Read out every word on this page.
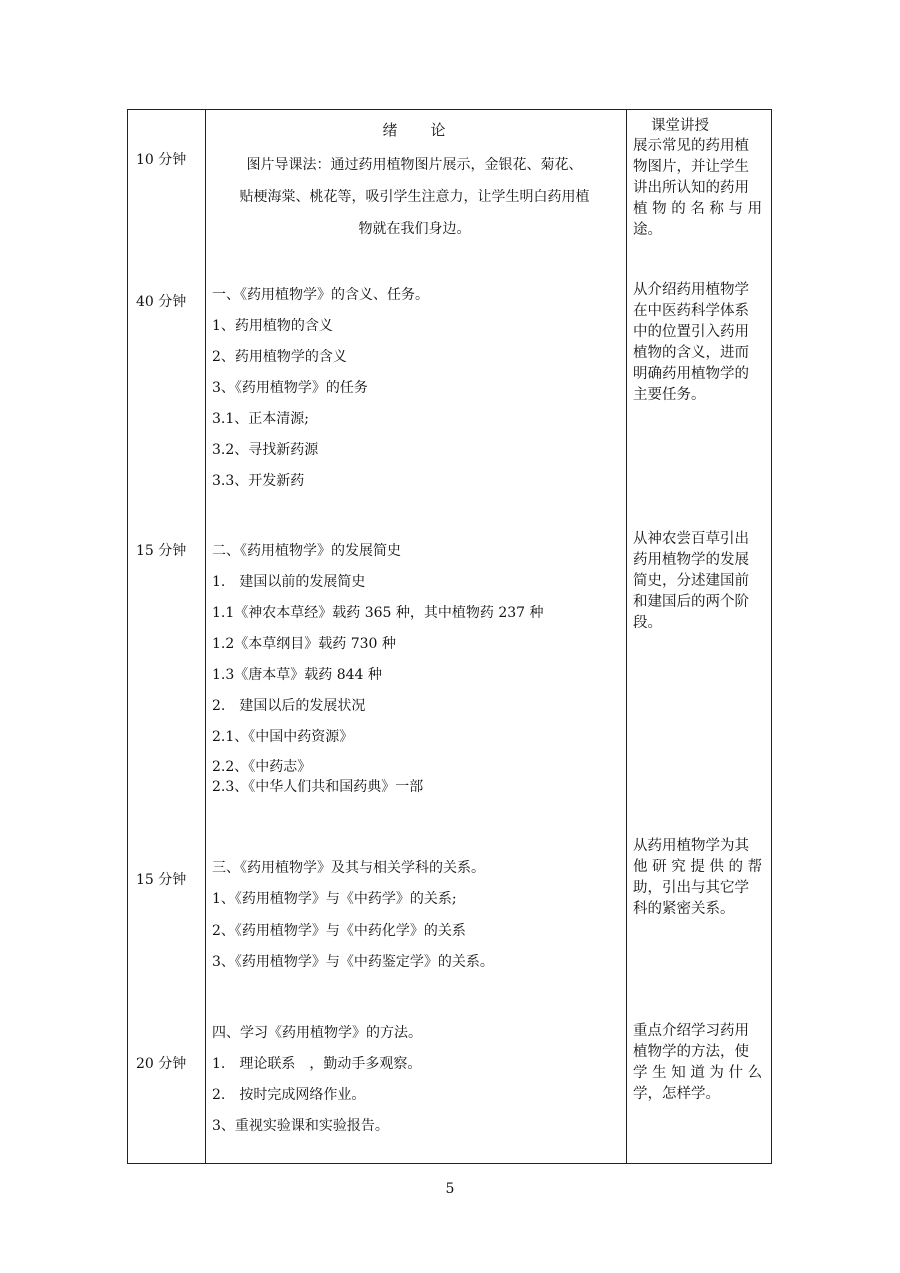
10 分钟
绪　　论
图片导课法：通过药用植物图片展示，金银花、菊花、
贴梗海棠、桃花等，吸引学生注意力，让学生明白药用植
物就在我们身边。
课堂讲授
展示常见的药用植
物图片，并让学生
讲出所认知的药用
植 物 的 名 称 与 用
途。
40 分钟	一、《药用植物学》的含义、任务。
1、药用植物的含义
2、药用植物学的含义
3、《药用植物学》的任务
3.1、正本清源;
3.2、寻找新药源
3.3、开发新药
从介绍药用植物学
在中医药科学体系
中的位置引入药用
植物的含义，进而
明确药用植物学的
主要任务。
15 分钟	二、《药用植物学》的发展简史
1.　建国以前的发展简史
1.1《神农本草经》载药 365 种，其中植物药 237 种
1.2《本草纲目》载药 730 种
1.3《唐本草》载药 844 种
2.　建国以后的发展状况
2.1、《中国中药资源》
2.2、《中药志》
2.3、《中华人们共和国药典》一部
从神农尝百草引出
药用植物学的发展
简史，分述建国前
和建国后的两个阶
段。
15 分钟
三、《药用植物学》及其与相关学科的关系。
1、《药用植物学》与《中药学》的关系;
2、《药用植物学》与《中药化学》的关系
3、《药用植物学》与《中药鉴定学》的关系。
从药用植物学为其
他 研 究 提 供 的 帮
助，引出与其它学
科的紧密关系。
20 分钟
四、学习《药用植物学》的方法。
1.　理论联系　，勤动手多观察。
2.　按时完成网络作业。
3、重视实验课和实验报告。
重点介绍学习药用
植物学的方法，使
学 生 知 道 为 什 么
学，怎样学。
5
